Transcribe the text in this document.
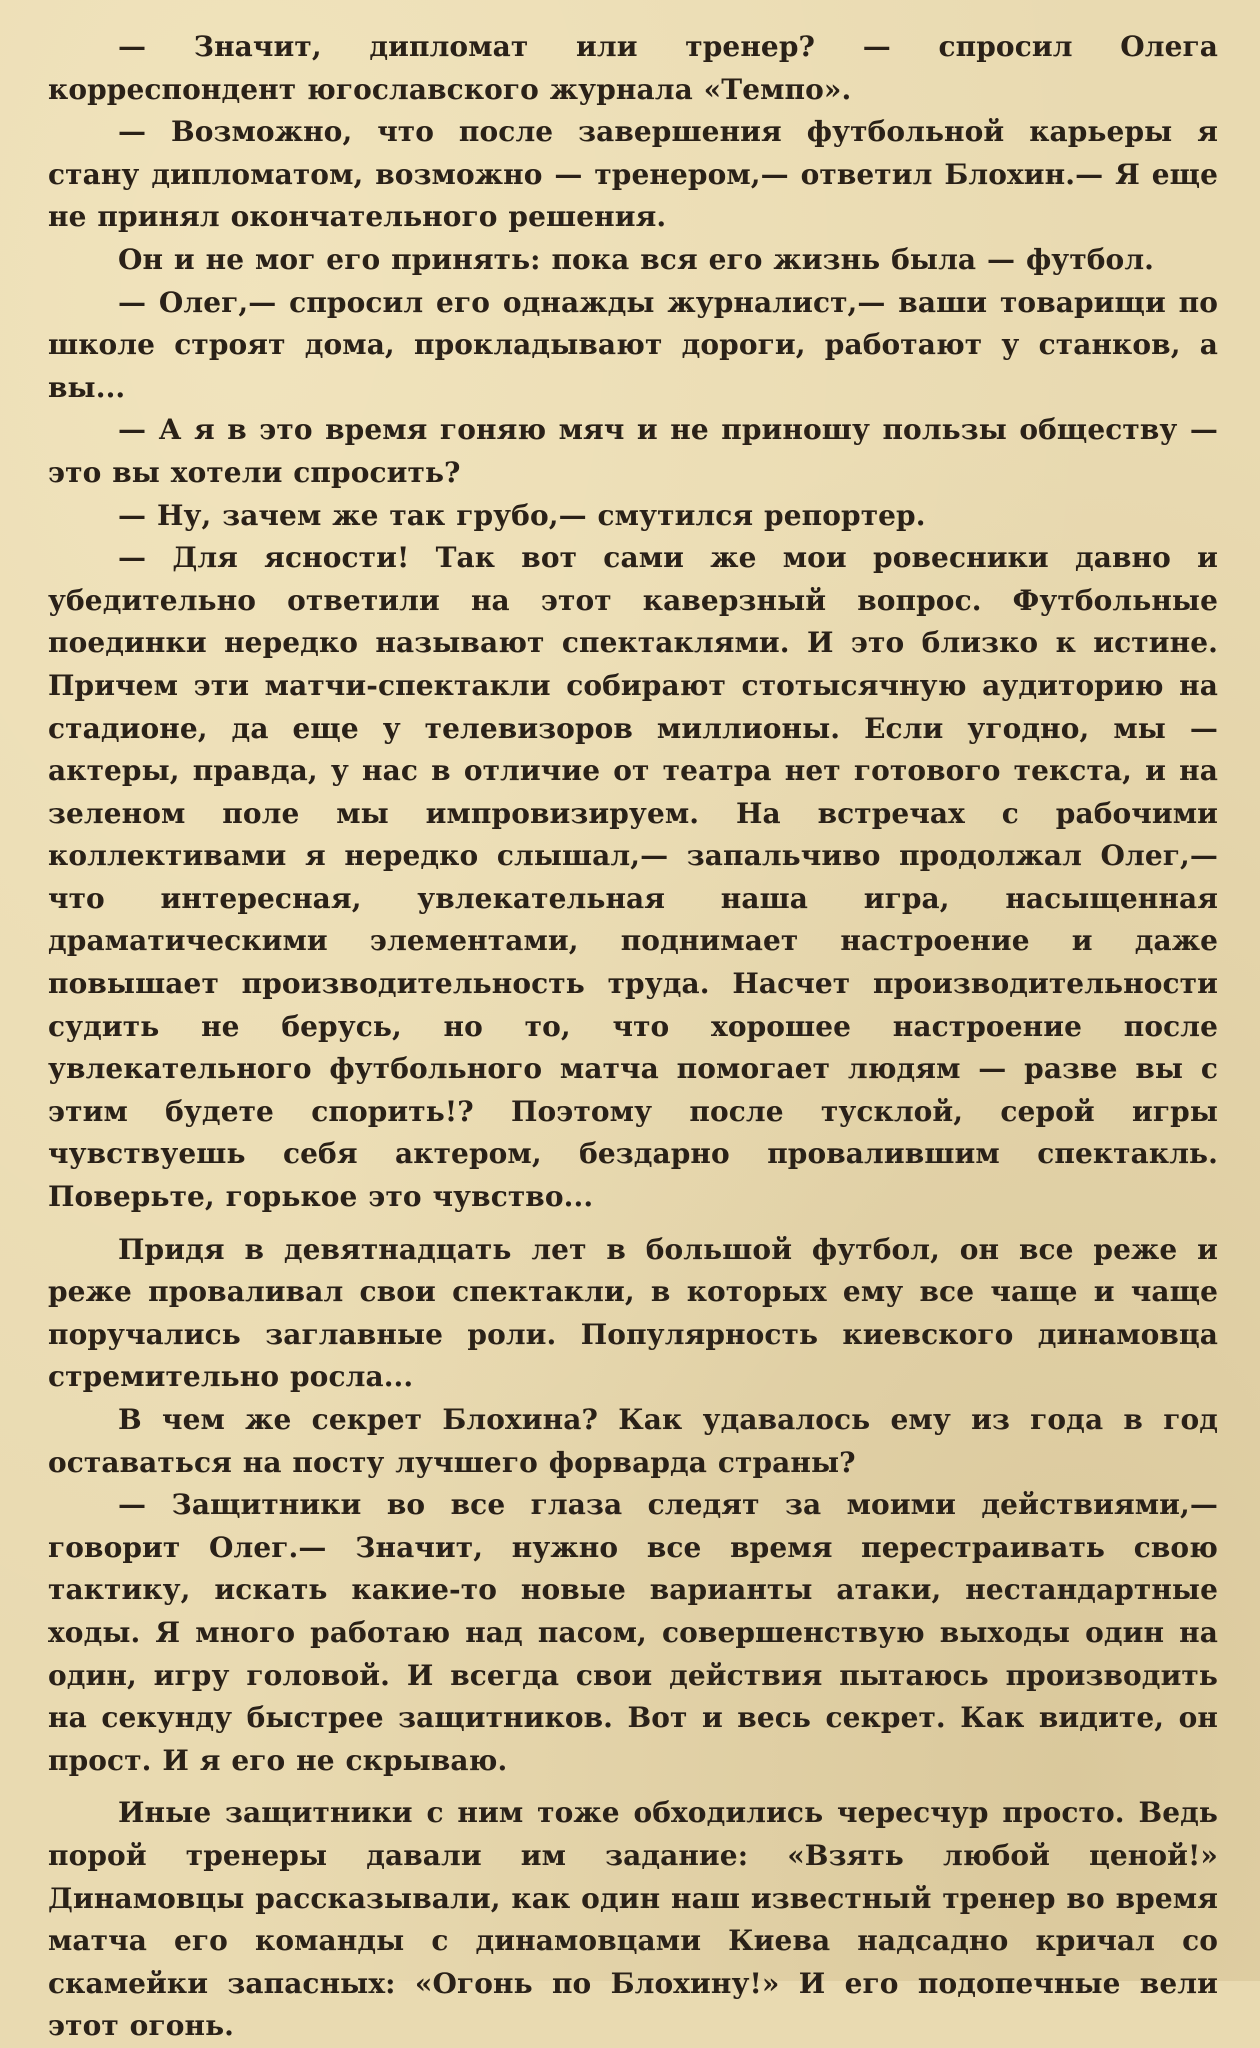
— Значит, дипломат или тренер? — спросил Олега корреспондент югославского журнала «Темпо».

— Возможно, что после завершения футбольной карьеры я стану дипломатом, возможно — тренером,— ответил Блохин.— Я еще не принял окончательного решения.

Он и не мог его принять: пока вся его жизнь была — футбол.

— Олег,— спросил его однажды журналист,— ваши товарищи по школе строят дома, прокладывают дороги, работают у станков, а вы...

— А я в это время гоняю мяч и не приношу пользы обществу — это вы хотели спросить?

— Ну, зачем же так грубо,— смутился репортер.

— Для ясности! Так вот сами же мои ровесники давно и убедительно ответили на этот каверзный вопрос. Футбольные поединки нередко называют спектаклями. И это близко к истине. Причем эти матчи-спектакли собирают стотысячную аудиторию на стадионе, да еще у телевизоров миллионы. Если угодно, мы — актеры, правда, у нас в отличие от театра нет готового текста, и на зеленом поле мы импровизируем. На встречах с рабочими коллективами я нередко слышал,— запальчиво продолжал Олег,— что интересная, увлекательная наша игра, насыщенная драматическими элементами, поднимает настроение и даже повышает производительность труда. Насчет производительности судить не берусь, но то, что хорошее настроение после увлекательного футбольного матча помогает людям — разве вы с этим будете спорить!? Поэтому после тусклой, серой игры чувствуешь себя актером, бездарно провалившим спектакль. Поверьте, горькое это чувство...

Придя в девятнадцать лет в большой футбол, он все реже и реже проваливал свои спектакли, в которых ему все чаще и чаще поручались заглавные роли. Популярность киевского динамовца стремительно росла...

В чем же секрет Блохина? Как удавалось ему из года в год оставаться на посту лучшего форварда страны?

— Защитники во все глаза следят за моими действиями,— говорит Олег.— Значит, нужно все время перестраивать свою тактику, искать какие-то новые варианты атаки, нестандартные ходы. Я много работаю над пасом, совершенствую выходы один на один, игру головой. И всегда свои действия пытаюсь производить на секунду быстрее защитников. Вот и весь секрет. Как видите, он прост. И я его не скрываю.

Иные защитники с ним тоже обходились чересчур просто. Ведь порой тренеры давали им задание: «Взять любой ценой!» Динамовцы рассказывали, как один наш известный тренер во время матча его команды с динамовцами Киева надсадно кричал со скамейки запасных: «Огонь по Блохину!» И его подопечные вели этот огонь.
